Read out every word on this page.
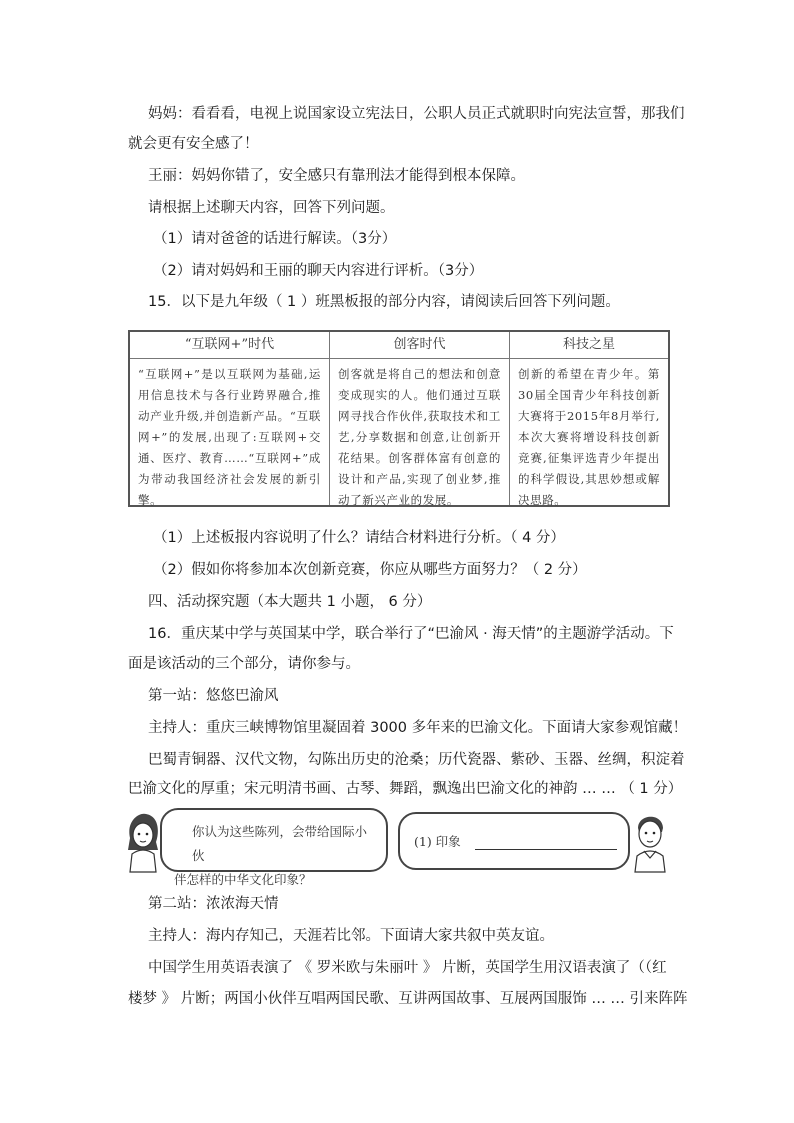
妈妈：看看看，电视上说国家设立宪法日，公职人员正式就职时向宪法宣誓，那我们
就会更有安全感了！
王丽：妈妈你错了，安全感只有靠刑法才能得到根本保障。
请根据上述聊天内容，回答下列问题。
（1）请对爸爸的话进行解读。（3分）
（2）请对妈妈和王丽的聊天内容进行评析。（3分）
15．以下是九年级（ 1 ）班黑板报的部分内容，请阅读后回答下列问题。
“互联网+”时代
“互联网+”是以互联网为基础,运用信息技术与各行业跨界融合,推动产业升级,并创造新产品。“互联网+”的发展,出现了:互联网+交通、医疗、教育……“互联网+”成为带动我国经济社会发展的新引擎。
创客时代
创客就是将自己的想法和创意变成现实的人。他们通过互联网寻找合作伙伴,获取技术和工艺,分享数据和创意,让创新开花结果。创客群体富有创意的设计和产品,实现了创业梦,推动了新兴产业的发展。
科技之星
创新的希望在青少年。第30届全国青少年科技创新大赛将于2015年8月举行,本次大赛将增设科技创新竞赛,征集评选青少年提出的科学假设,其思妙想或解决思路。
（1）上述板报内容说明了什么？请结合材料进行分析。（ 4 分）
（2）假如你将参加本次创新竞赛，你应从哪些方面努力？（ 2 分）
四、活动探究题（本大题共 1 小题， 6 分）
16．重庆某中学与英国某中学，联合举行了“巴渝风 · 海天情”的主题游学活动。下
面是该活动的三个部分，请你参与。
第一站：悠悠巴渝风
主持人：重庆三峡博物馆里凝固着 3000 多年来的巴渝文化。下面请大家参观馆藏！
巴蜀青铜器、汉代文物，勾陈出历史的沧桑；历代瓷器、紫砂、玉器、丝绸，积淀着
巴渝文化的厚重；宋元明清书画、古琴、舞蹈，飘逸出巴渝文化的神韵 … … （ 1 分）
你认为这些陈列，会带给国际小伙
伴怎样的中华文化印象？
(1) 印象
第二站：浓浓海天情
主持人：海内存知己，天涯若比邻。下面请大家共叙中英友谊。
中国学生用英语表演了 《 罗米欧与朱丽叶 》 片断，英国学生用汉语表演了（（红
楼梦 》 片断；两国小伙伴互唱两国民歌、互讲两国故事、互展两国服饰 … … 引来阵阵
